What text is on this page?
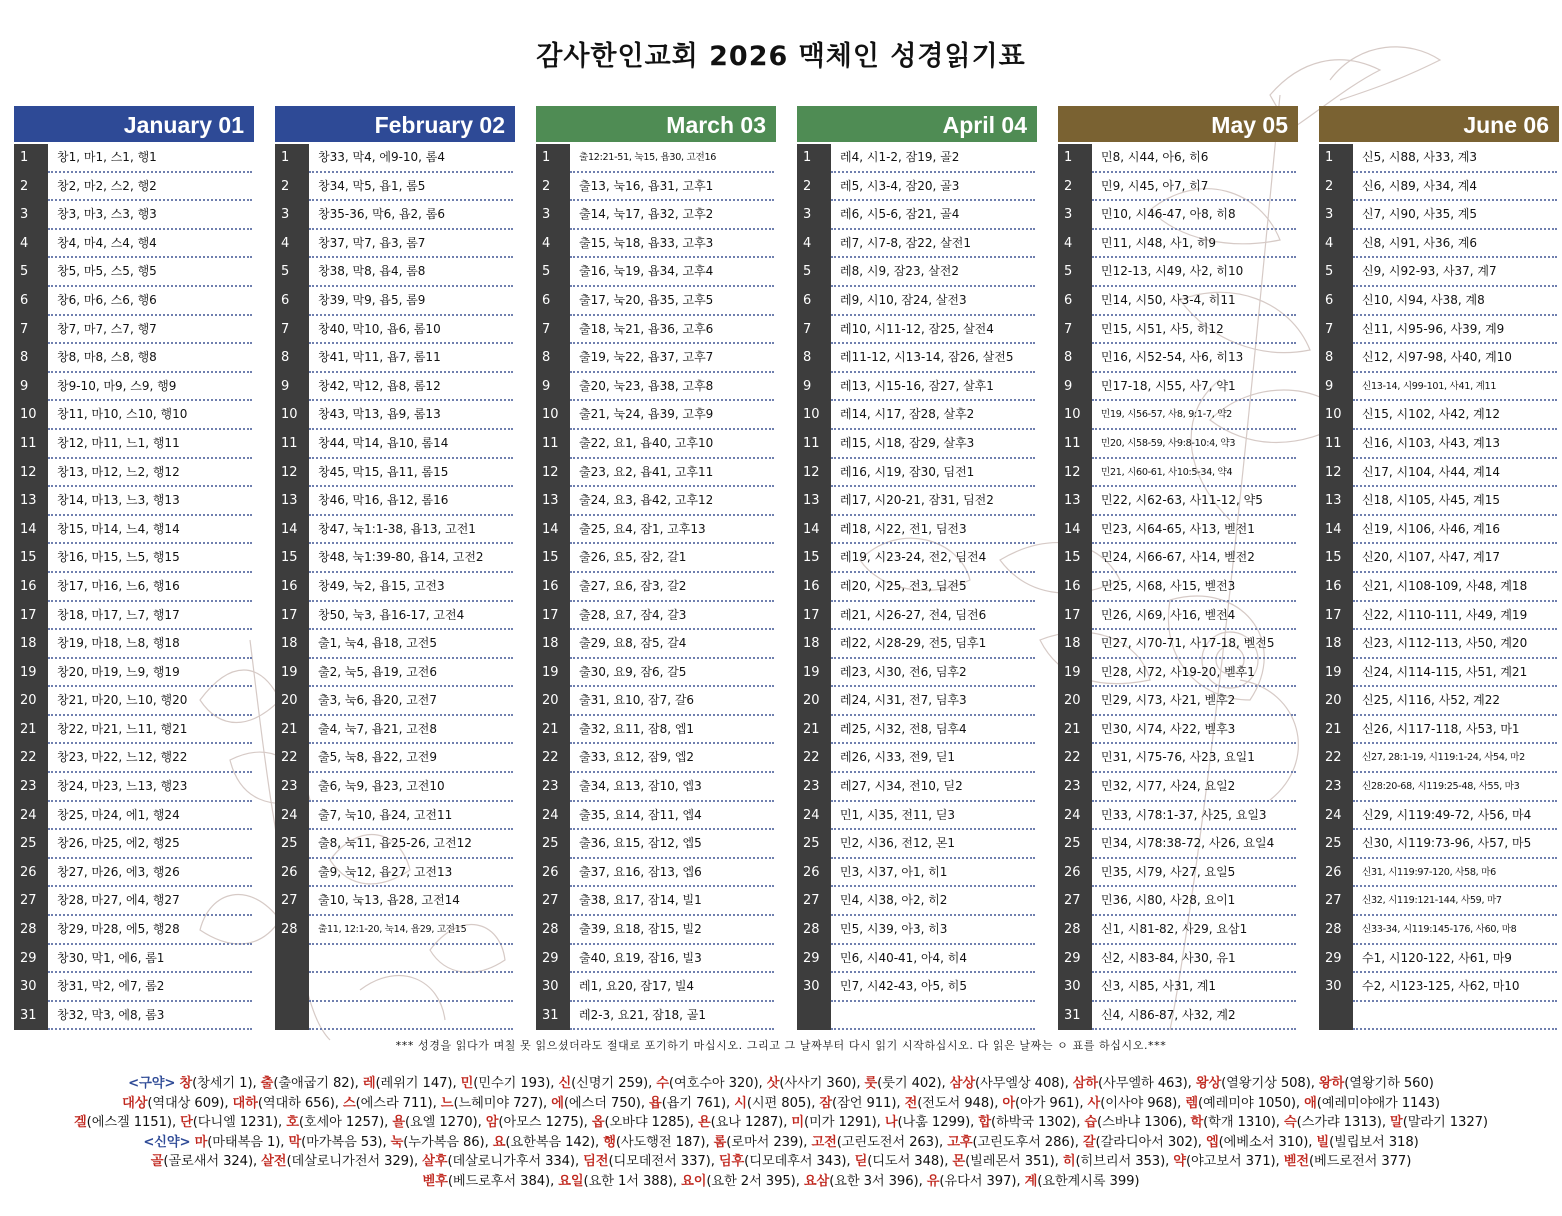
감사한인교회 2026 맥체인 성경읽기표
January 01
1	창1, 마1, 스1, 행1
2	창2, 마2, 스2, 행2
3	창3, 마3, 스3, 행3
4	창4, 마4, 스4, 행4
5	창5, 마5, 스5, 행5
6	창6, 마6, 스6, 행6
7	창7, 마7, 스7, 행7
8	창8, 마8, 스8, 행8
9	창9-10, 마9, 스9, 행9
10	창11, 마10, 스10, 행10
11	창12, 마11, 느1, 행11
12	창13, 마12, 느2, 행12
13	창14, 마13, 느3, 행13
14	창15, 마14, 느4, 행14
15	창16, 마15, 느5, 행15
16	창17, 마16, 느6, 행16
17	창18, 마17, 느7, 행17
18	창19, 마18, 느8, 행18
19	창20, 마19, 느9, 행19
20	창21, 마20, 느10, 행20
21	창22, 마21, 느11, 행21
22	창23, 마22, 느12, 행22
23	창24, 마23, 느13, 행23
24	창25, 마24, 에1, 행24
25	창26, 마25, 에2, 행25
26	창27, 마26, 에3, 행26
27	창28, 마27, 에4, 행27
28	창29, 마28, 에5, 행28
29	창30, 막1, 에6, 롬1
30	창31, 막2, 에7, 롬2
31	창32, 막3, 에8, 롬3
February 02
1	창33, 막4, 에9-10, 롬4
2	창34, 막5, 욥1, 롬5
3	창35-36, 막6, 욥2, 롬6
4	창37, 막7, 욥3, 롬7
5	창38, 막8, 욥4, 롬8
6	창39, 막9, 욥5, 롬9
7	창40, 막10, 욥6, 롬10
8	창41, 막11, 욥7, 롬11
9	창42, 막12, 욥8, 롬12
10	창43, 막13, 욥9, 롬13
11	창44, 막14, 욥10, 롬14
12	창45, 막15, 욥11, 롬15
13	창46, 막16, 욥12, 롬16
14	창47, 눅1:1-38, 욥13, 고전1
15	창48, 눅1:39-80, 욥14, 고전2
16	창49, 눅2, 욥15, 고전3
17	창50, 눅3, 욥16-17, 고전4
18	출1, 눅4, 욥18, 고전5
19	출2, 눅5, 욥19, 고전6
20	출3, 눅6, 욥20, 고전7
21	출4, 눅7, 욥21, 고전8
22	출5, 눅8, 욥22, 고전9
23	출6, 눅9, 욥23, 고전10
24	출7, 눅10, 욥24, 고전11
25	출8, 눅11, 욥25-26, 고전12
26	출9, 눅12, 욥27, 고전13
27	출10, 눅13, 욥28, 고전14
28	출11, 12:1-20, 눅14, 욥29, 고전15
March 03
1	출12:21-51, 눅15, 욥30, 고전16
2	출13, 눅16, 욥31, 고후1
3	출14, 눅17, 욥32, 고후2
4	출15, 눅18, 욥33, 고후3
5	출16, 눅19, 욥34, 고후4
6	출17, 눅20, 욥35, 고후5
7	출18, 눅21, 욥36, 고후6
8	출19, 눅22, 욥37, 고후7
9	출20, 눅23, 욥38, 고후8
10	출21, 눅24, 욥39, 고후9
11	출22, 요1, 욥40, 고후10
12	출23, 요2, 욥41, 고후11
13	출24, 요3, 욥42, 고후12
14	출25, 요4, 잠1, 고후13
15	출26, 요5, 잠2, 갈1
16	출27, 요6, 잠3, 갈2
17	출28, 요7, 잠4, 갈3
18	출29, 요8, 잠5, 갈4
19	출30, 요9, 잠6, 갈5
20	출31, 요10, 잠7, 갈6
21	출32, 요11, 잠8, 엡1
22	출33, 요12, 잠9, 엡2
23	출34, 요13, 잠10, 엡3
24	출35, 요14, 잠11, 엡4
25	출36, 요15, 잠12, 엡5
26	출37, 요16, 잠13, 엡6
27	출38, 요17, 잠14, 빌1
28	출39, 요18, 잠15, 빌2
29	출40, 요19, 잠16, 빌3
30	레1, 요20, 잠17, 빌4
31	레2-3, 요21, 잠18, 골1
April 04
1	레4, 시1-2, 잠19, 골2
2	레5, 시3-4, 잠20, 골3
3	레6, 시5-6, 잠21, 골4
4	레7, 시7-8, 잠22, 살전1
5	레8, 시9, 잠23, 살전2
6	레9, 시10, 잠24, 살전3
7	레10, 시11-12, 잠25, 살전4
8	레11-12, 시13-14, 잠26, 살전5
9	레13, 시15-16, 잠27, 살후1
10	레14, 시17, 잠28, 살후2
11	레15, 시18, 잠29, 살후3
12	레16, 시19, 잠30, 딤전1
13	레17, 시20-21, 잠31, 딤전2
14	레18, 시22, 전1, 딤전3
15	레19, 시23-24, 전2, 딤전4
16	레20, 시25, 전3, 딤전5
17	레21, 시26-27, 전4, 딤전6
18	레22, 시28-29, 전5, 딤후1
19	레23, 시30, 전6, 딤후2
20	레24, 시31, 전7, 딤후3
21	레25, 시32, 전8, 딤후4
22	레26, 시33, 전9, 딛1
23	레27, 시34, 전10, 딛2
24	민1, 시35, 전11, 딛3
25	민2, 시36, 전12, 몬1
26	민3, 시37, 아1, 히1
27	민4, 시38, 아2, 히2
28	민5, 시39, 아3, 히3
29	민6, 시40-41, 아4, 히4
30	민7, 시42-43, 아5, 히5
May 05
1	민8, 시44, 아6, 히6
2	민9, 시45, 아7, 히7
3	민10, 시46-47, 아8, 히8
4	민11, 시48, 사1, 히9
5	민12-13, 시49, 사2, 히10
6	민14, 시50, 사3-4, 히11
7	민15, 시51, 사5, 히12
8	민16, 시52-54, 사6, 히13
9	민17-18, 시55, 사7, 약1
10	민19, 시56-57, 사8, 9:1-7, 약2
11	민20, 시58-59, 사9:8-10:4, 약3
12	민21, 시60-61, 사10:5-34, 약4
13	민22, 시62-63, 사11-12, 약5
14	민23, 시64-65, 사13, 벧전1
15	민24, 시66-67, 사14, 벧전2
16	민25, 시68, 사15, 벧전3
17	민26, 시69, 사16, 벧전4
18	민27, 시70-71, 사17-18, 벧전5
19	민28, 시72, 사19-20, 벧후1
20	민29, 시73, 사21, 벧후2
21	민30, 시74, 사22, 벧후3
22	민31, 시75-76, 사23, 요일1
23	민32, 시77, 사24, 요일2
24	민33, 시78:1-37, 사25, 요일3
25	민34, 시78:38-72, 사26, 요일4
26	민35, 시79, 사27, 요일5
27	민36, 시80, 사28, 요이1
28	신1, 시81-82, 사29, 요삼1
29	신2, 시83-84, 사30, 유1
30	신3, 시85, 사31, 계1
31	신4, 시86-87, 사32, 계2
June 06
1	신5, 시88, 사33, 계3
2	신6, 시89, 사34, 계4
3	신7, 시90, 사35, 계5
4	신8, 시91, 사36, 계6
5	신9, 시92-93, 사37, 계7
6	신10, 시94, 사38, 계8
7	신11, 시95-96, 사39, 계9
8	신12, 시97-98, 사40, 계10
9	신13-14, 시99-101, 사41, 계11
10	신15, 시102, 사42, 계12
11	신16, 시103, 사43, 계13
12	신17, 시104, 사44, 계14
13	신18, 시105, 사45, 계15
14	신19, 시106, 사46, 계16
15	신20, 시107, 사47, 계17
16	신21, 시108-109, 사48, 계18
17	신22, 시110-111, 사49, 계19
18	신23, 시112-113, 사50, 계20
19	신24, 시114-115, 사51, 계21
20	신25, 시116, 사52, 계22
21	신26, 시117-118, 사53, 마1
22	신27, 28:1-19, 시119:1-24, 사54, 마2
23	신28:20-68, 시119:25-48, 사55, 마3
24	신29, 시119:49-72, 사56, 마4
25	신30, 시119:73-96, 사57, 마5
26	신31, 시119:97-120, 사58, 마6
27	신32, 시119:121-144, 사59, 마7
28	신33-34, 시119:145-176, 사60, 마8
29	수1, 시120-122, 사61, 마9
30	수2, 시123-125, 사62, 마10
*** 성경을 읽다가 며칠 못 읽으셨더라도 절대로 포기하기 마십시오. 그리고 그 날짜부터 다시 읽기 시작하십시오. 다 읽은 날짜는 ㅇ 표를 하십시오.***
<구약> 창(창세기 1), 출(출애굽기 82), 레(레위기 147), 민(민수기 193), 신(신명기 259), 수(여호수아 320), 삿(사사기 360), 룻(룻기 402), 삼상(사무엘상 408), 삼하(사무엘하 463), 왕상(열왕기상 508), 왕하(열왕기하 560)
대상(역대상 609), 대하(역대하 656), 스(에스라 711), 느(느헤미야 727), 에(에스더 750), 욥(욥기 761), 시(시편 805), 잠(잠언 911), 전(전도서 948), 아(아가 961), 사(이사야 968), 렘(예레미야 1050), 애(예레미야애가 1143)
겔(에스겔 1151), 단(다니엘 1231), 호(호세아 1257), 욜(요엘 1270), 암(아모스 1275), 옵(오바댜 1285), 욘(요나 1287), 미(미가 1291), 나(나훔 1299), 합(하박국 1302), 습(스바냐 1306), 학(학개 1310), 슥(스가랴 1313), 말(말라기 1327)
<신약> 마(마태복음 1), 막(마가복음 53), 눅(누가복음 86), 요(요한복음 142), 행(사도행전 187), 롬(로마서 239), 고전(고린도전서 263), 고후(고린도후서 286), 갈(갈라디아서 302), 엡(에베소서 310), 빌(빌립보서 318)
골(골로새서 324), 살전(데살로니가전서 329), 살후(데살로니가후서 334), 딤전(디모데전서 337), 딤후(디모데후서 343), 딛(디도서 348), 몬(빌레몬서 351), 히(히브리서 353), 약(야고보서 371), 벧전(베드로전서 377)
벧후(베드로후서 384), 요일(요한 1서 388), 요이(요한 2서 395), 요삼(요한 3서 396), 유(유다서 397), 계(요한계시록 399)
